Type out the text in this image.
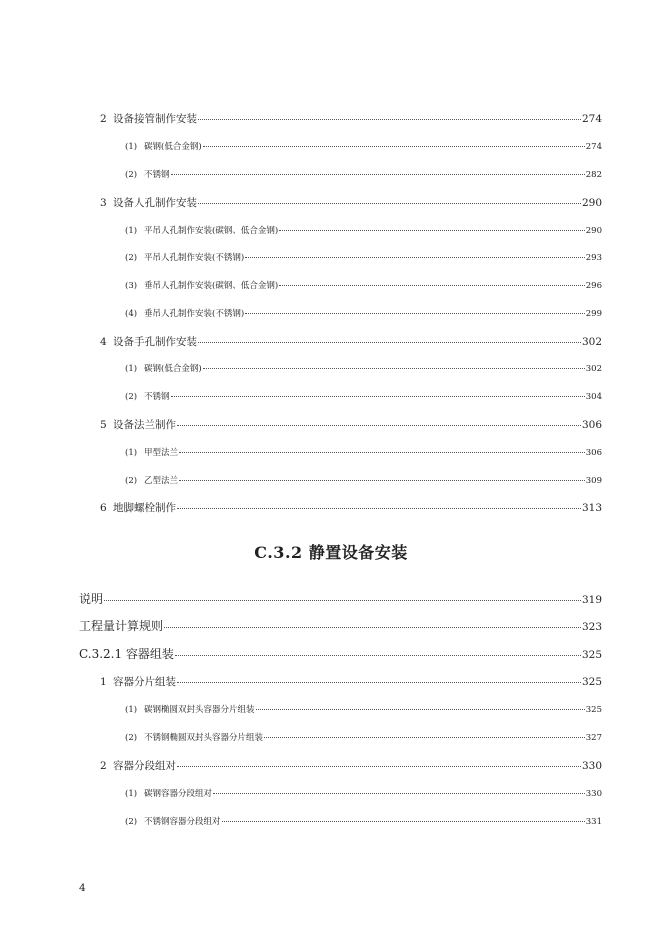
2 设备接管制作安装	274
(1) 碳钢(低合金钢)	274
(2) 不锈钢	282
3 设备人孔制作安装	290
(1) 平吊人孔制作安装(碳钢、低合金钢)	290
(2) 平吊人孔制作安装(不锈钢)	293
(3) 垂吊人孔制作安装(碳钢、低合金钢)	296
(4) 垂吊人孔制作安装(不锈钢)	299
4 设备手孔制作安装	302
(1) 碳钢(低合金钢)	302
(2) 不锈钢	304
5 设备法兰制作	306
(1) 甲型法兰	306
(2) 乙型法兰	309
6 地脚螺栓制作	313
C.3.2 静置设备安装
说明	319
工程量计算规则	323
C.3.2.1 容器组装	325
1 容器分片组装	325
(1) 碳钢椭圆双封头容器分片组装	325
(2) 不锈钢椭圆双封头容器分片组装	327
2 容器分段组对	330
(1) 碳钢容器分段组对	330
(2) 不锈钢容器分段组对	331
4
